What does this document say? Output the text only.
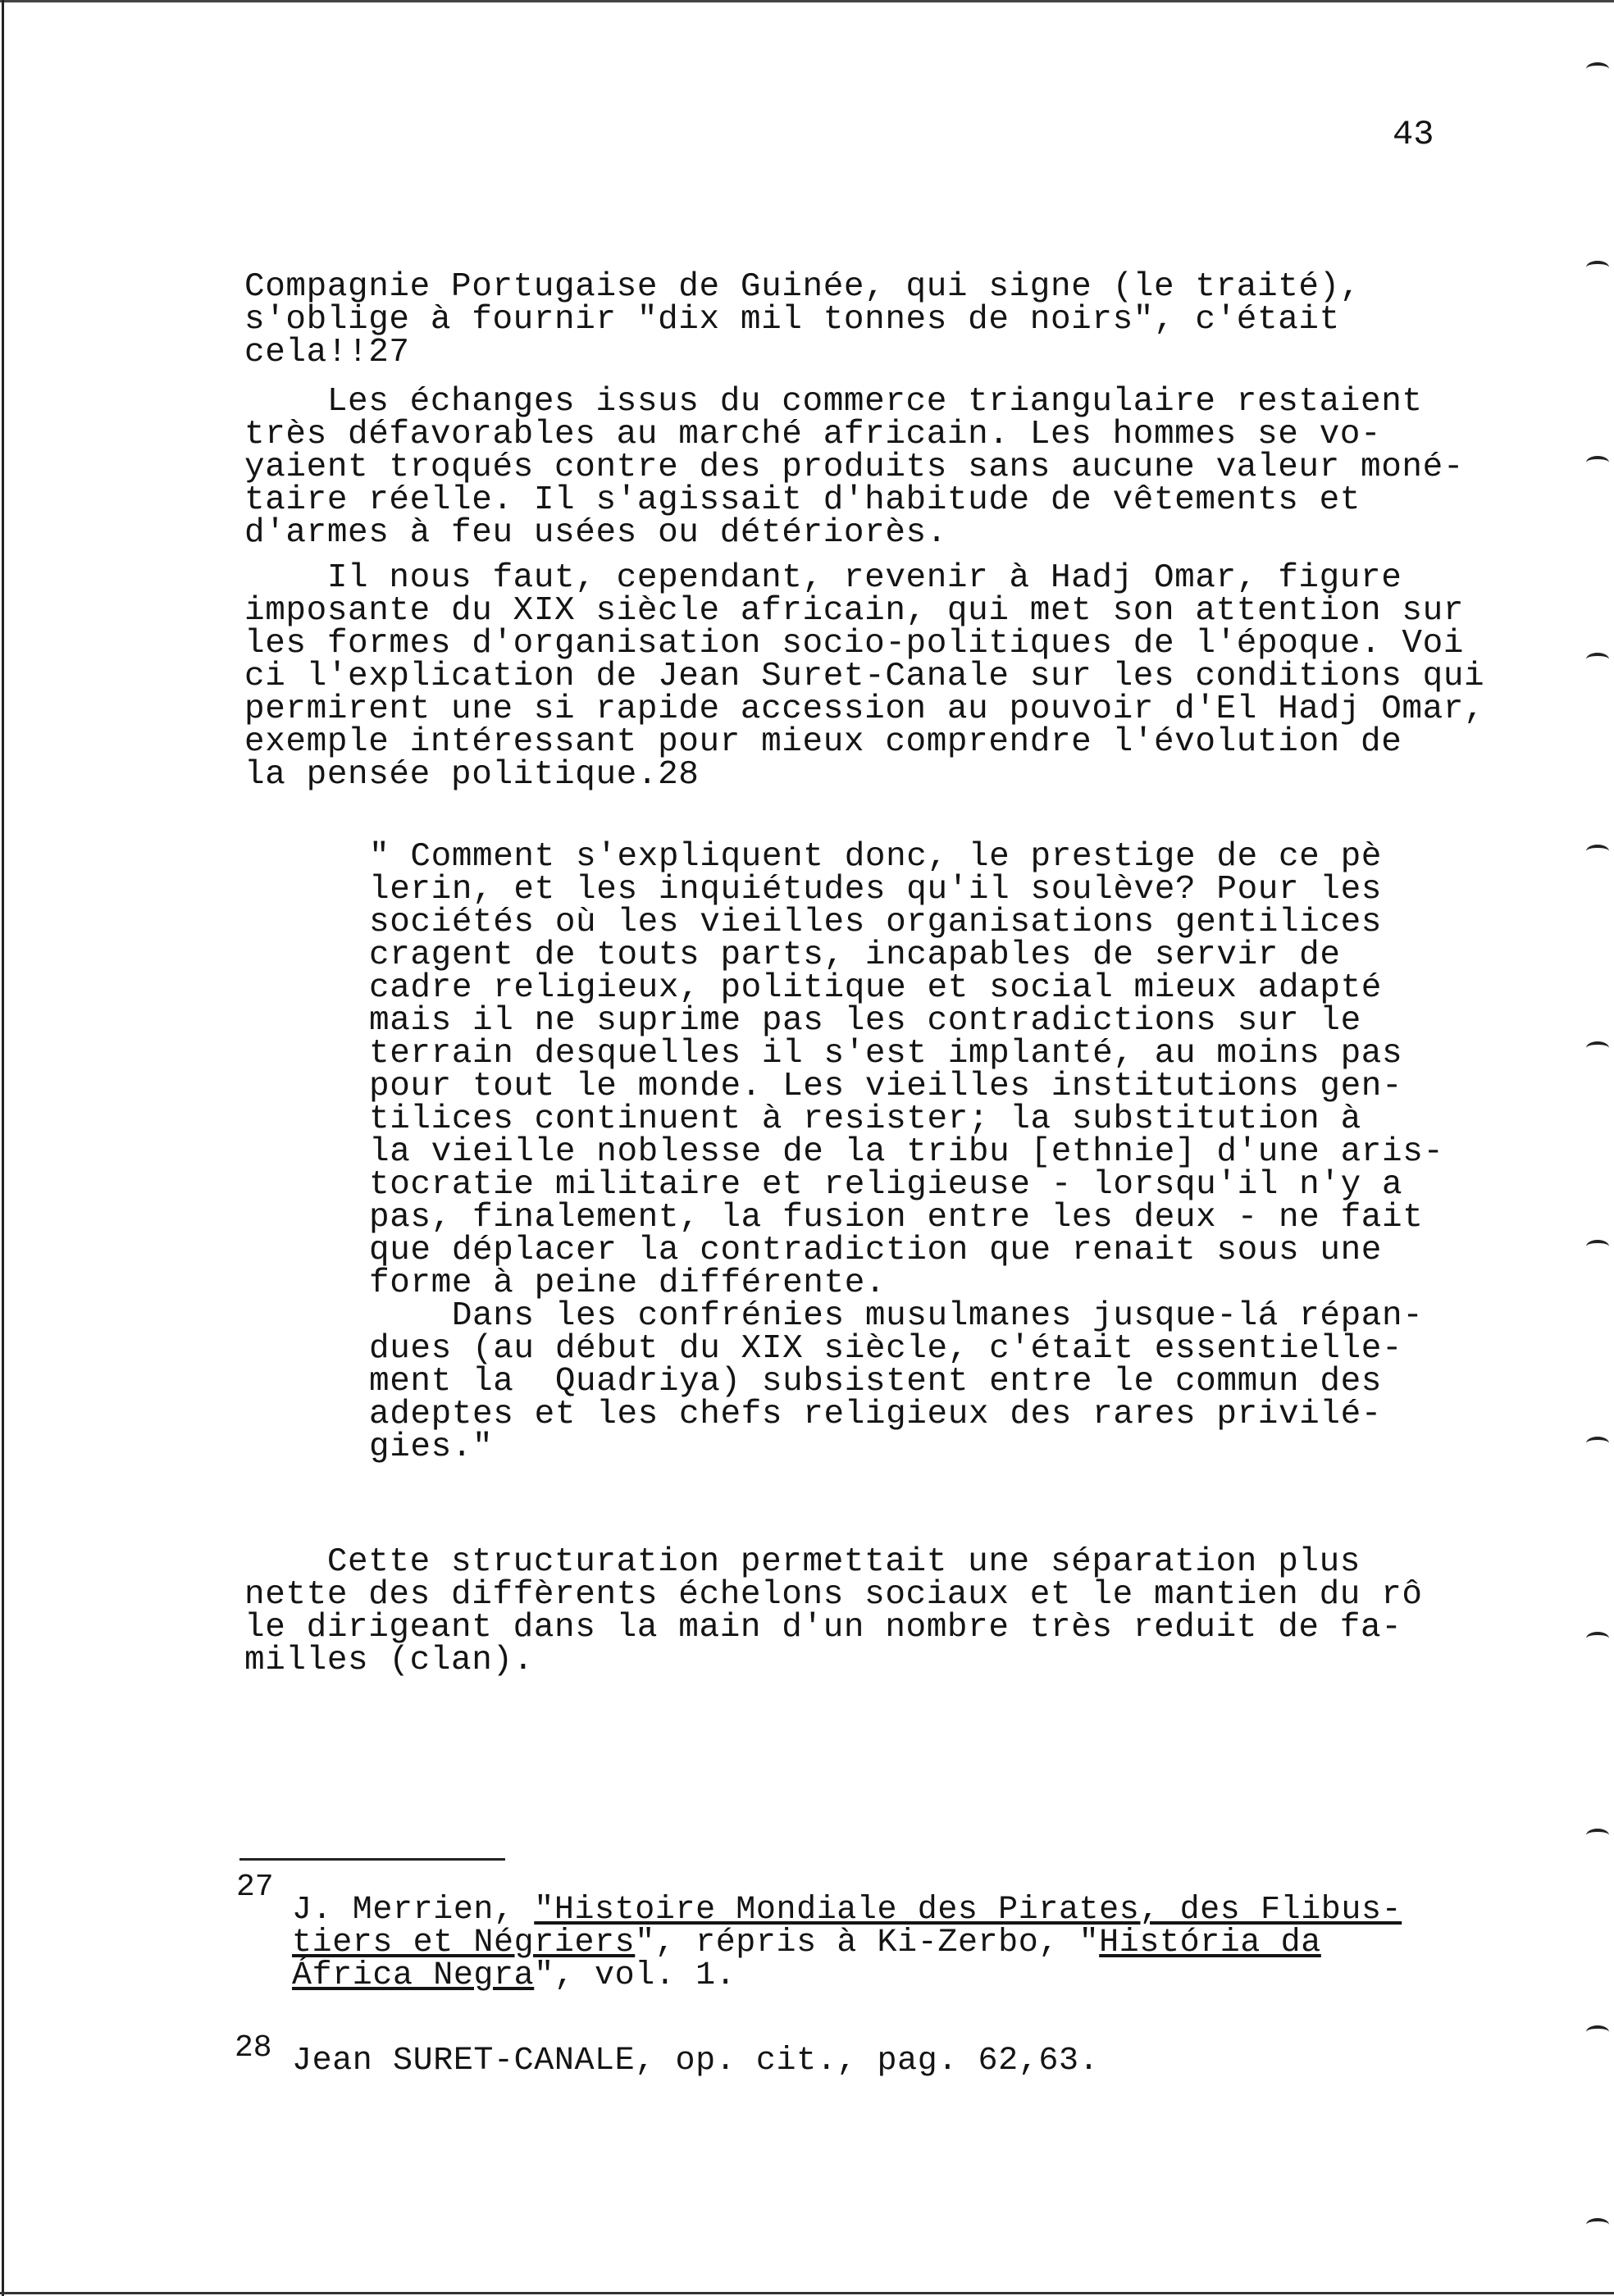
43
Compagnie Portugaise de Guinée, qui signe (le traité),
s'oblige à fournir "dix mil tonnes de noirs", c'était
cela!!27
Les échanges issus du commerce triangulaire restaient
très défavorables au marché africain. Les hommes se vo-
yaient troqués contre des produits sans aucune valeur moné-
taire réelle. Il s'agissait d'habitude de vêtements et
d'armes à feu usées ou détériorès.
Il nous faut, cependant, revenir à Hadj Omar, figure
imposante du XIX siècle africain, qui met son attention sur
les formes d'organisation socio-politiques de l'époque. Voi
ci l'explication de Jean Suret-Canale sur les conditions qui
permirent une si rapide accession au pouvoir d'El Hadj Omar,
exemple intéressant pour mieux comprendre l'évolution de
la pensée politique.28
" Comment s'expliquent donc, le prestige de ce pè
lerin, et les inquiétudes qu'il soulève? Pour les
sociétés où les vieilles organisations gentilices
cragent de touts parts, incapables de servir de
cadre religieux, politique et social mieux adapté
mais il ne suprime pas les contradictions sur le
terrain desquelles il s'est implanté, au moins pas
pour tout le monde. Les vieilles institutions gen-
tilices continuent à resister; la substitution à
la vieille noblesse de la tribu [ethnie] d'une aris-
tocratie militaire et religieuse - lorsqu'il n'y a
pas, finalement, la fusion entre les deux - ne fait
que déplacer la contradiction que renait sous une
forme à peine différente.
Dans les confrénies musulmanes jusque-lá répan-
dues (au début du XIX siècle, c'était essentielle-
ment la  Quadriya) subsistent entre le commun des
adeptes et les chefs religieux des rares privilé-
gies."
Cette structuration permettait une séparation plus
nette des diffèrents échelons sociaux et le mantien du rô
le dirigeant dans la main d'un nombre très reduit de fa-
milles (clan).
27
J. Merrien, "Histoire Mondiale des Pirates, des Flibus-
tiers et Négriers", répris à Ki-Zerbo, "História da
África Negra", vol. 1.
28 Jean SURET-CANALE, op. cit., pag. 62,63.
